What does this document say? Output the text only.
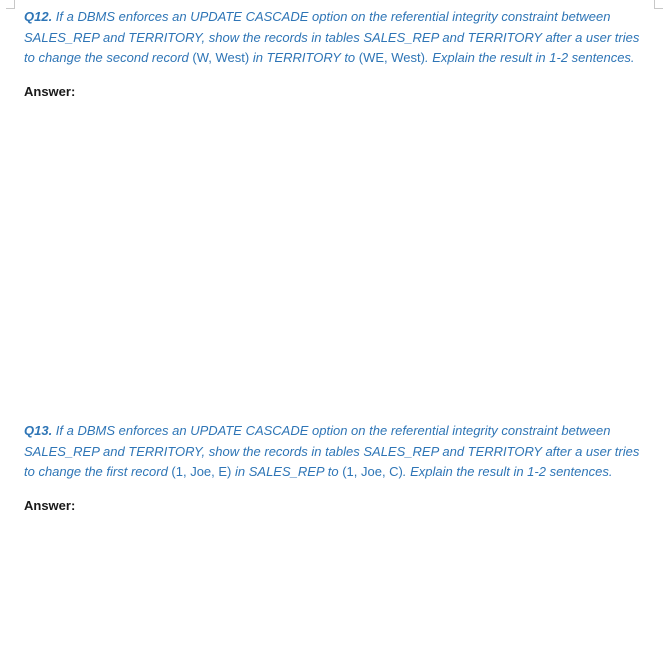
Q12. If a DBMS enforces an UPDATE CASCADE option on the referential integrity constraint between SALES_REP and TERRITORY, show the records in tables SALES_REP and TERRITORY after a user tries to change the second record (W, West) in TERRITORY to (WE, West). Explain the result in 1-2 sentences.
Answer:
Q13. If a DBMS enforces an UPDATE CASCADE option on the referential integrity constraint between SALES_REP and TERRITORY, show the records in tables SALES_REP and TERRITORY after a user tries to change the first record (1, Joe, E) in SALES_REP to (1, Joe, C). Explain the result in 1-2 sentences.
Answer:
